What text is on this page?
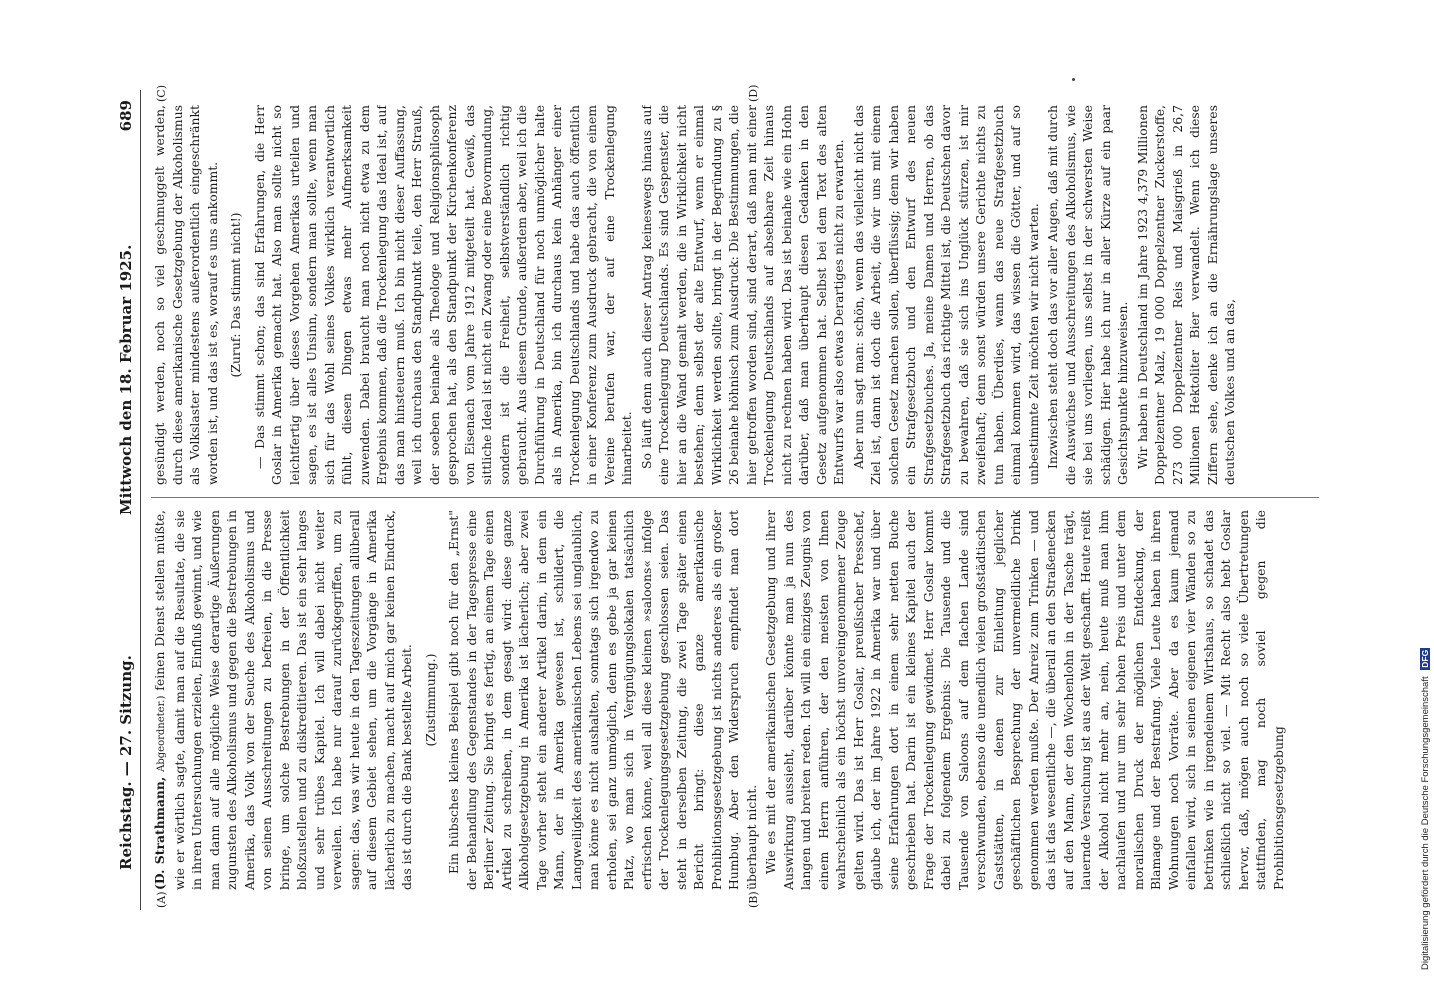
Reichstag. — 27. Sitzung.
Mittwoch den 18. Februar 1925.
689
(A)	(B)
(C)	(D)

(D. Strathmann, Abgeordneter.) feinen Dienst stellen müßte, wie er wörtlich sagte, damit man auf die Resultate, die sie in ihren Untersuchungen erzielen, Einfluß gewinnt, und wie man dann auf alle mögliche Weise derartige Äußerungen zugunsten des Alkoholismus und gegen die Bestrebungen in Amerika, das Volk von der Seuche des Alkoholismus und von seinen Ausschreitungen zu befreien, in die Presse bringe, um solche Bestrebungen in der Öffentlichkeit bloßzustellen und zu diskreditieren. Das ist ein sehr langes und sehr trübes Kapitel. Ich will dabei nicht weiter verweilen. Ich habe nur darauf zurückgegriffen, um zu sagen: das, was wir heute in den Tageszeitungen allüberall auf diesem Gebiet sehen, um die Vorgänge in Amerika lächerlich zu machen, macht auf mich gar keinen Eindruck, das ist durch die Bank bestellte Arbeit. (Zustimmung.) Ein hübsches kleines Beispiel gibt noch für den „Ernst" der Behandlung des Gegenstandes in der Tagespresse eine Berliner Zeitung. Sie bringt es fertig, an einem Tage einen Artikel zu schreiben, in dem gesagt wird: diese ganze Alkoholgesetzgebung in Amerika ist lächerlich; aber zwei Tage vorher steht ein anderer Artikel darin, in dem ein Mann, der in Amerika gewesen ist, schildert, die Langweiligkeit des amerikanischen Lebens sei unglaublich, man könne es nicht aushalten, sonntags sich irgendwo zu erholen, sei ganz unmöglich, denn es gebe ja gar keinen Platz, wo man sich in Vergnügungslokalen tatsächlich erfrischen könne, weil all diese kleinen »saloons« infolge der Trockenlegungsgesetzgebung geschlossen seien. Das steht in derselben Zeitung, die zwei Tage später einen Bericht bringt: diese ganze amerikanische Prohibitionsgesetzgebung ist nichts anderes als ein großer Humbug. Aber den Widerspruch empfindet man dort überhaupt nicht. Wie es mit der amerikanischen Gesetzgebung und ihrer Auswirkung aussieht, darüber könnte man ja nun des langen und breiten reden. Ich will ein einziges Zeugnis von einem Herrn anführen, der den meisten von Ihnen wahrscheinlich als ein höchst unvoreingenommener Zeuge gelten wird. Das ist Herr Goslar, preußischer Presschef, glaube ich, der im Jahre 1922 in Amerika war und über seine Erfahrungen dort in einem sehr netten Buche geschrieben hat. Darin ist ein kleines Kapitel auch der Frage der Trockenlegung gewidmet. Herr Goslar kommt dabei zu folgendem Ergebnis: Die Tausende und die Tausende von Saloons auf dem flachen Lande sind verschwunden, ebenso die unendlich vielen großstädtischen Gaststätten, in denen zur Einleitung jeglicher geschäftlichen Besprechung der unvermeidliche Drink genommen werden mußte. Der Anreiz zum Trinken — und das ist das wesentliche —, die überall an den Straßenecken auf den Mann, der den Wochenlohn in der Tasche trägt, lauernde Versuchung ist aus der Welt geschafft. Heute reißt der Alkohol nicht mehr an, nein, heute muß man ihm nachlaufen und nur um sehr hohen Preis und unter dem moralischen Druck der möglichen Entdeckung, der Blamage und der Bestrafung. Viele Leute haben in ihren Wohnungen noch Vorräte. Aber da es kaum jemand einfallen wird, sich in seinen eigenen vier Wänden so zu betrinken wie in irgendeinem Wirtshaus, so schadet das schließlich nicht so viel. — Mit Recht also hebt Goslar hervor, daß, mögen auch noch so viele Übertretungen stattfinden, mag noch soviel gegen die Prohibitionsgesetzgebung

gesündigt werden, noch so viel geschmuggelt werden, durch diese amerikanische Gesetzgebung der Alkoholismus als Volkslaster mindestens außerordentlich eingeschränkt worden ist, und das ist es, worauf es uns ankommt. (Zuruf: Das stimmt nicht!) — Das stimmt schon; das sind Erfahrungen, die Herr Goslar in Amerika gemacht hat. Also man sollte nicht so leichtfertig über dieses Vorgehen Amerikas urteilen und sagen, es ist alles Unsinn, sondern man sollte, wenn man sich für das Wohl seines Volkes wirklich verantwortlich fühlt, diesen Dingen etwas mehr Aufmerksamkeit zuwenden. Dabei braucht man noch nicht etwa zu dem Ergebnis kommen, daß die Trockenlegung das Ideal ist, auf das man hinsteuern muß. Ich bin nicht dieser Auffassung, weil ich durchaus den Standpunkt teile, den Herr Strauß, der soeben beinahe als Theologe und Religionsphilosoph gesprochen hat, als den Standpunkt der Kirchenkonferenz von Eisenach vom Jahre 1912 mitgeteilt hat. Gewiß, das sittliche Ideal ist nicht ein Zwang oder eine Bevormundung, sondern ist die Freiheit, selbstverständlich richtig gebraucht. Aus diesem Grunde, außerdem aber, weil ich die Durchführung in Deutschland für noch unmöglicher halte als in Amerika, bin ich durchaus kein Anhänger einer Trockenlegung Deutschlands und habe das auch öffentlich in einer Konferenz zum Ausdruck gebracht, die von einem Vereine berufen war, der auf eine Trockenlegung hinarbeitet. So läuft denn auch dieser Antrag keineswegs hinaus auf eine Trockenlegung Deutschlands. Es sind Gespenster, die hier an die Wand gemalt werden, die in Wirklichkeit nicht bestehen; denn selbst der alte Entwurf, wenn er einmal Wirklichkeit werden sollte, bringt in der Begründung zu § 26 beinahe höhnisch zum Ausdruck: Die Bestimmungen, die hier getroffen worden sind, sind derart, daß man mit einer Trockenlegung Deutschlands auf absehbare Zeit hinaus nicht zu rechnen haben wird. Das ist beinahe wie ein Hohn darüber, daß man überhaupt diesen Gedanken in den Gesetz aufgenommen hat. Selbst bei dem Text des alten Entwurfs war also etwas Derartiges nicht zu erwarten. Aber nun sagt man: schön, wenn das vielleicht nicht das Ziel ist, dann ist doch die Arbeit, die wir uns mit einem solchen Gesetz machen sollen, überflüssig; denn wir haben ein Strafgesetzbuch und den Entwurf des neuen Strafgesetzbuches. Ja, meine Damen und Herren, ob das Strafgesetzbuch das richtige Mittel ist, die Deutschen davor zu bewahren, daß sie sich ins Unglück stürzen, ist mir zweifelhaft; denn sonst würden unsere Gerichte nichts zu tun haben. Überdies, wann das neue Strafgesetzbuch einmal kommen wird, das wissen die Götter, und auf so unbestimmte Zeit möchten wir nicht warten. Inzwischen steht doch das vor aller Augen, daß mit durch die Auswüchse und Ausschreitungen des Alkoholismus, wie sie bei uns vorliegen, uns selbst in der schwersten Weise schädigen. Hier habe ich nur in aller Kürze auf ein paar Gesichtspunkte hinzuweisen. Wir haben in Deutschland im Jahre 1923 4,379 Millionen Doppelzentner Malz, 19 000 Doppelzentner Zuckerstoffe, 273 000 Doppelzentner Reis und Maisgrieß in 26,7 Millionen Hektoliter Bier verwandelt. Wenn ich diese Ziffern sehe, denke ich an die Ernährungslage unseres deutschen Volkes und an das,

Digitalisierung gefördert durch die Deutsche Forschungsgemeinschaft DFG
